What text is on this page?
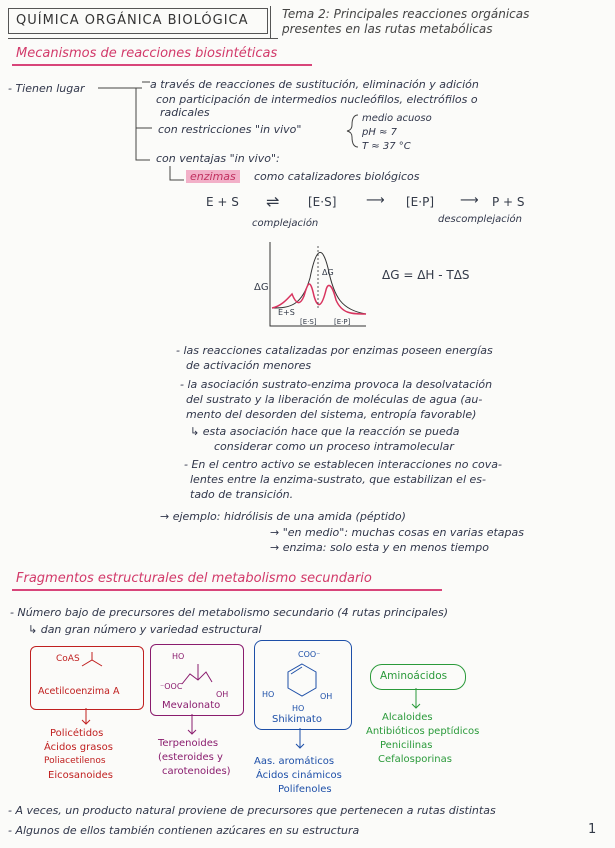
QUÍMICA ORGÁNICA BIOLÓGICA	Tema 2: Principales reacciones orgánicas
presentes en las rutas metabólicas
Mecanismos de reacciones biosintéticas
- Tienen lugar	a través de reacciones de sustitución, eliminación y adición
con participación de intermedios nucleófilos, electrófilos o
radicales
con restricciones "in vivo"
medio acuoso
pH ≈ 7
T ≈ 37 °C
con ventajas "in vivo":
enzimas	como catalizadores biológicos
E + S ⇌ [E·S] ⟶ [E·P] ⟶ P + S
complejación	descomplejación
ΔG
ΔG
E+S
[E·S] [E·P]
ΔG = ΔH - TΔS
- las reacciones catalizadas por enzimas poseen energías
de activación menores
- la asociación sustrato-enzima provoca la desolvatación
del sustrato y la liberación de moléculas de agua (au-
mento del desorden del sistema, entropía favorable)
↳ esta asociación hace que la reacción se pueda
considerar como un proceso intramolecular
- En el centro activo se establecen interacciones no cova-
lentes entre la enzima-sustrato, que estabilizan el es-
tado de transición.
→ ejemplo: hidrólisis de una amida (péptido)
→ "en medio": muchas cosas en varias etapas
→ enzima: solo esta y en menos tiempo
Fragmentos estructurales del metabolismo secundario
- Número bajo de precursores del metabolismo secundario (4 rutas principales)
↳ dan gran número y variedad estructural
CoAS
Acetilcoenzima A
Policétidos
Ácidos grasos
Poliacetilenos
Eicosanoides
HO
⁻OOC
OH
Mevalonato
Terpenoides
(esteroides y
carotenoides)
COO⁻
HO	OH
HO
Shikimato
Aas. aromáticos
Ácidos cinámicos
Polifenoles
Aminoácidos
Alcaloides
Antibióticos peptídicos
Penicilinas
Cefalosporinas
- A veces, un producto natural proviene de precursores que pertenecen a rutas distintas
- Algunos de ellos también contienen azúcares en su estructura	1
